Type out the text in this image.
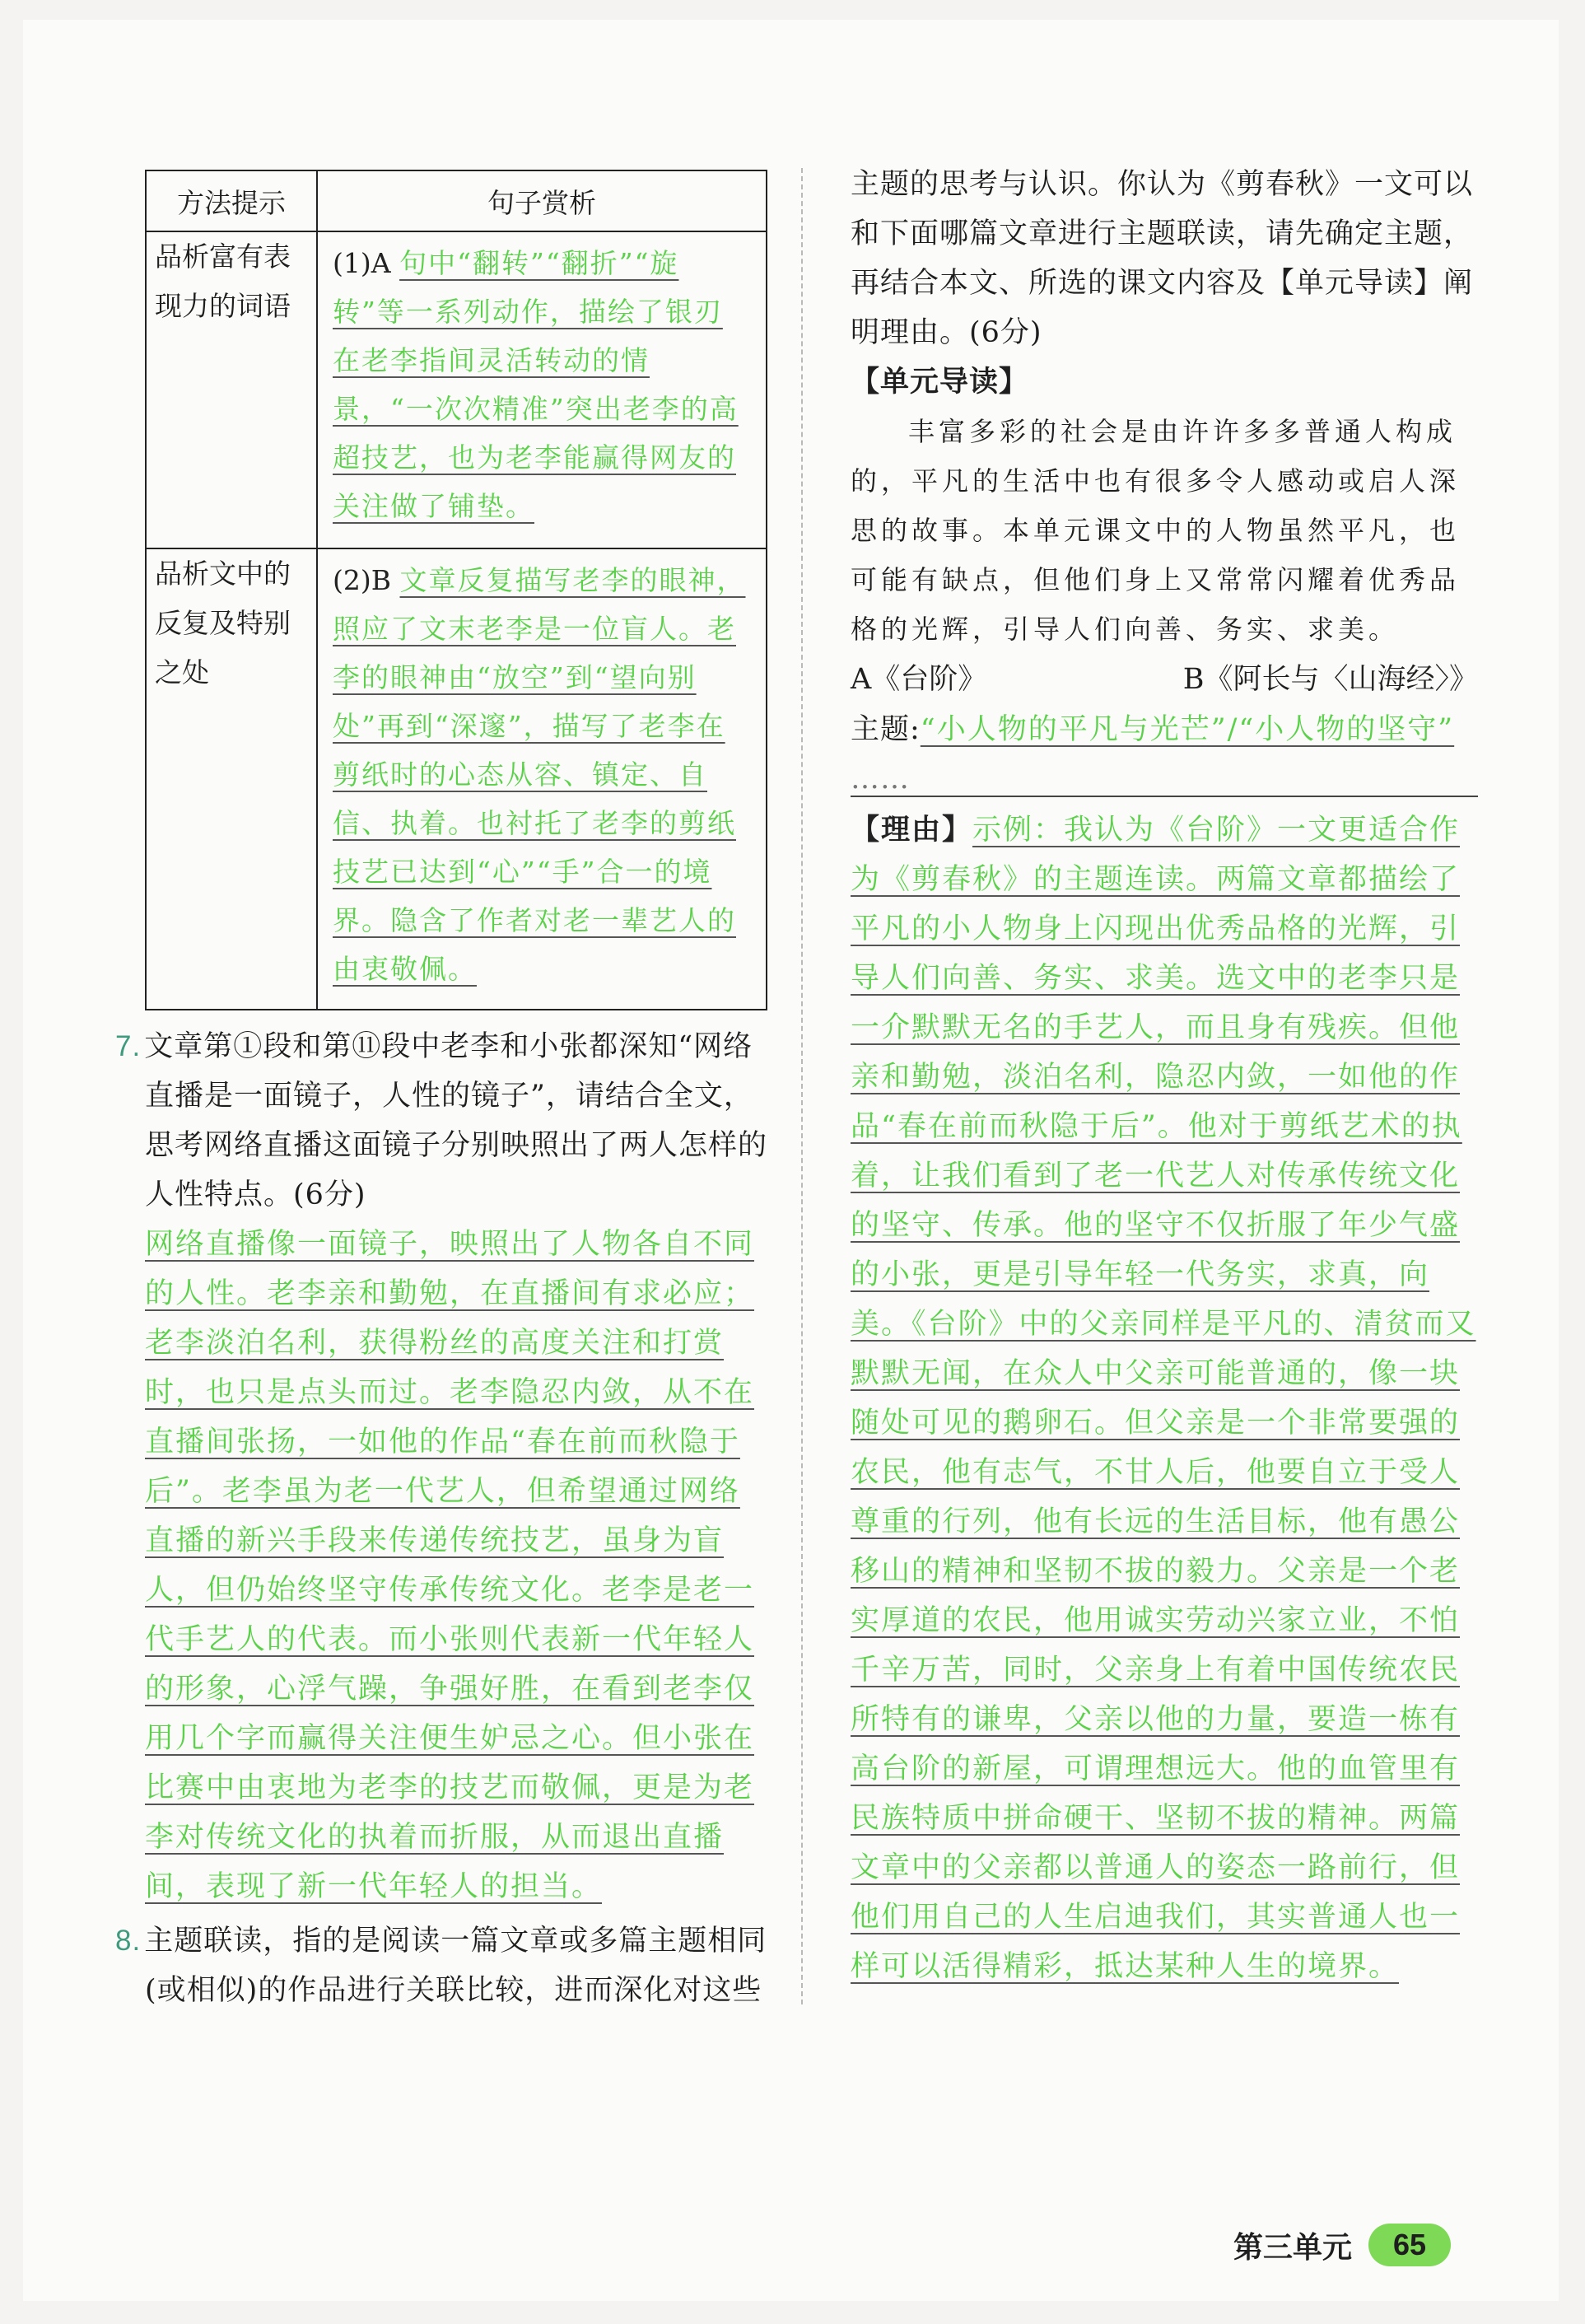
方法提示	句子赏析
品析富有表现力的词语	(1)A 句中“翻转”“翻折”“旋转”等一系列动作，描绘了银刃在老李指间灵活转动的情景，“一次次精准”突出老李的高超技艺，也为老李能赢得网友的关注做了铺垫。
品析文中的反复及特别之处	(2)B 文章反复描写老李的眼神，照应了文末老李是一位盲人。老李的眼神由“放空”到“望向别处”再到“深邃”，描写了老李在剪纸时的心态从容、镇定、自信、执着。也衬托了老李的剪纸技艺已达到“心”“手”合一的境界。隐含了作者对老一辈艺人的由衷敬佩。

7. 文章第①段和第⑪段中老李和小张都深知“网络直播是一面镜子，人性的镜子”，请结合全文，思考网络直播这面镜子分别映照出了两人怎样的人性特点。(6分)

网络直播像一面镜子，映照出了人物各自不同的人性。老李亲和勤勉，在直播间有求必应；老李淡泊名利，获得粉丝的高度关注和打赏时，也只是点头而过。老李隐忍内敛，从不在直播间张扬，一如他的作品“春在前而秋隐于后”。老李虽为老一代艺人，但希望通过网络直播的新兴手段来传递传统技艺，虽身为盲人，但仍始终坚守传承传统文化。老李是老一代手艺人的代表。而小张则代表新一代年轻人的形象，心浮气躁，争强好胜，在看到老李仅用几个字而赢得关注便生妒忌之心。但小张在比赛中由衷地为老李的技艺而敬佩，更是为老李对传统文化的执着而折服，从而退出直播间，表现了新一代年轻人的担当。

8. 主题联读，指的是阅读一篇文章或多篇主题相同(或相似)的作品进行关联比较，进而深化对这些

主题的思考与认识。你认为《剪春秋》一文可以和下面哪篇文章进行主题联读，请先确定主题，再结合本文、所选的课文内容及【单元导读】阐明理由。(6分)

【单元导读】

丰富多彩的社会是由许许多多普通人构成的，平凡的生活中也有很多令人感动或启人深思的故事。本单元课文中的人物虽然平凡，也可能有缺点，但他们身上又常常闪耀着优秀品格的光辉，引导人们向善、务实、求美。

A《台阶》	B《阿长与〈山海经〉》

主题:“小人物的平凡与光芒”/“小人物的坚守”

……

【理由】示例：我认为《台阶》一文更适合作为《剪春秋》的主题连读。两篇文章都描绘了平凡的小人物身上闪现出优秀品格的光辉，引导人们向善、务实、求美。选文中的老李只是一介默默无名的手艺人，而且身有残疾。但他亲和勤勉，淡泊名利，隐忍内敛，一如他的作品“春在前而秋隐于后”。他对于剪纸艺术的执着，让我们看到了老一代艺人对传承传统文化的坚守、传承。他的坚守不仅折服了年少气盛的小张，更是引导年轻一代务实，求真，向美。《台阶》中的父亲同样是平凡的、清贫而又默默无闻，在众人中父亲可能普通的，像一块随处可见的鹅卵石。但父亲是一个非常要强的农民，他有志气，不甘人后，他要自立于受人尊重的行列，他有长远的生活目标，他有愚公移山的精神和坚韧不拔的毅力。父亲是一个老实厚道的农民，他用诚实劳动兴家立业，不怕千辛万苦，同时，父亲身上有着中国传统农民所特有的谦卑，父亲以他的力量，要造一栋有高台阶的新屋，可谓理想远大。他的血管里有民族特质中拼命硬干、坚韧不拔的精神。两篇文章中的父亲都以普通人的姿态一路前行，但他们用自己的人生启迪我们，其实普通人也一样可以活得精彩，抵达某种人生的境界。

第三单元	65
